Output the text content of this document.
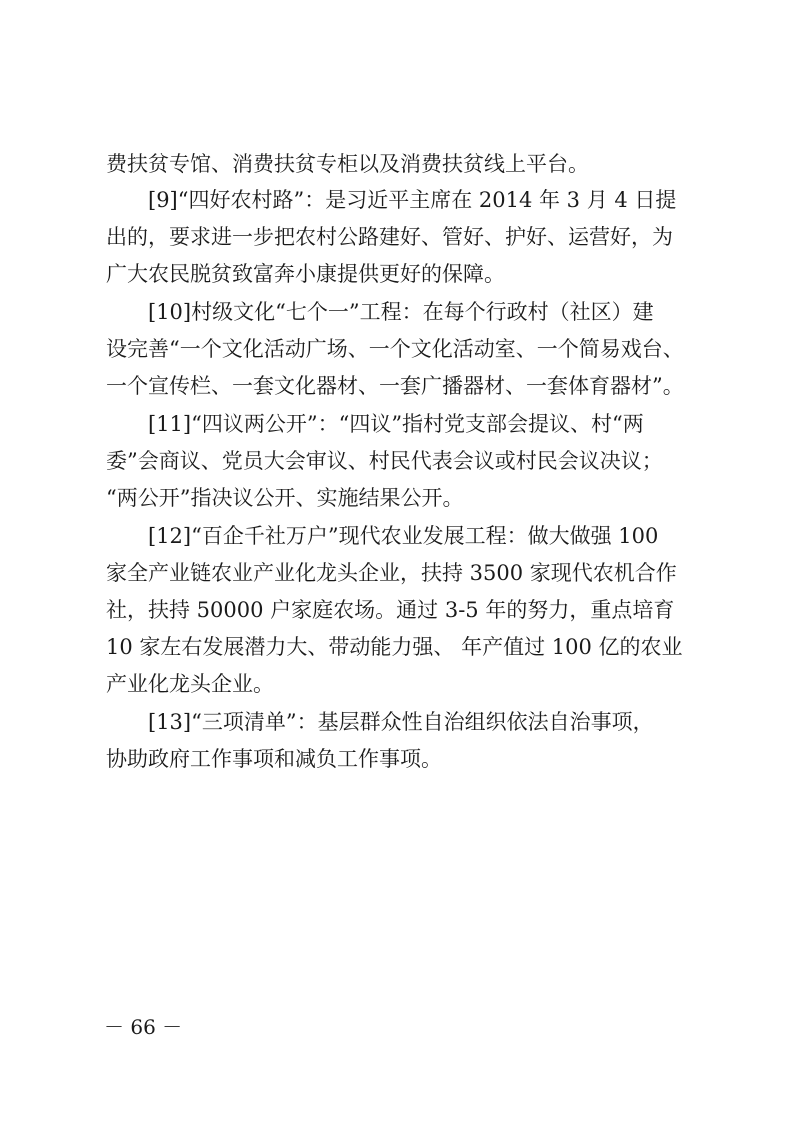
费扶贫专馆、消费扶贫专柜以及消费扶贫线上平台。
[9]“四好农村路”：是习近平主席在 2014 年 3 月 4 日提
出的，要求进一步把农村公路建好、管好、护好、运营好，为
广大农民脱贫致富奔小康提供更好的保障。
[10]村级文化“七个一”工程：在每个行政村（社区）建
设完善“一个文化活动广场、一个文化活动室、一个简易戏台、
一个宣传栏、一套文化器材、一套广播器材、一套体育器材”。
[11]“四议两公开”：“四议”指村党支部会提议、村“两
委”会商议、党员大会审议、村民代表会议或村民会议决议；
“两公开”指决议公开、实施结果公开。
[12]“百企千社万户”现代农业发展工程：做大做强 100
家全产业链农业产业化龙头企业，扶持 3500 家现代农机合作
社，扶持 50000 户家庭农场。通过 3-5 年的努力，重点培育
10 家左右发展潜力大、带动能力强、 年产值过 100 亿的农业
产业化龙头企业。
[13]“三项清单”：基层群众性自治组织依法自治事项，
协助政府工作事项和减负工作事项。
－ 66 －
